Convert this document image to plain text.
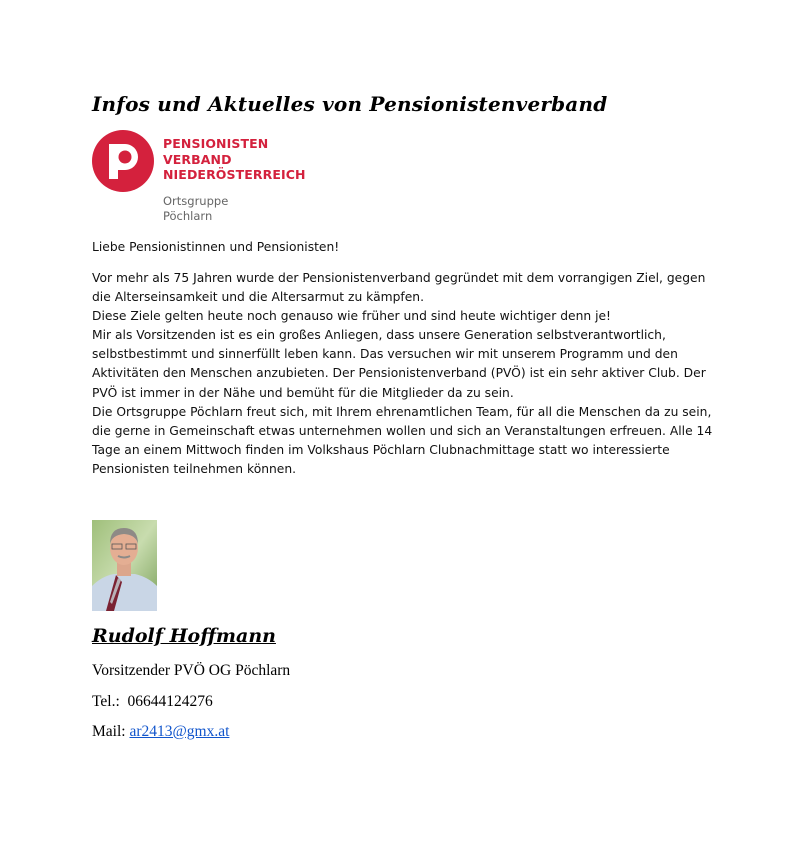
Infos und Aktuelles von Pensionistenverband
PENSIONISTEN
VERBAND
NIEDERÖSTERREICH
Ortsgruppe
Pöchlarn
Liebe Pensionistinnen und Pensionisten!

Vor mehr als 75 Jahren wurde der Pensionistenverband gegründet mit dem vorrangigen Ziel, gegen

die Alterseinsamkeit und die Altersarmut zu kämpfen.

Diese Ziele gelten heute noch genauso wie früher und sind heute wichtiger denn je!

Mir als Vorsitzenden ist es ein großes Anliegen, dass unsere Generation selbstverantwortlich,

selbstbestimmt und sinnerfüllt leben kann. Das versuchen wir mit unserem Programm und den

Aktivitäten den Menschen anzubieten. Der Pensionistenverband (PVÖ) ist ein sehr aktiver Club. Der

PVÖ ist immer in der Nähe und bemüht für die Mitglieder da zu sein.

Die Ortsgruppe Pöchlarn freut sich, mit Ihrem ehrenamtlichen Team, für all die Menschen da zu sein,

die gerne in Gemeinschaft etwas unternehmen wollen und sich an Veranstaltungen erfreuen. Alle 14

Tage an einem Mittwoch finden im Volkshaus Pöchlarn Clubnachmittage statt wo interessierte

Pensionisten teilnehmen können.

Rudolf Hoffmann
Vorsitzender PVÖ OG Pöchlarn
Tel.: 06644124276
Mail: ar2413@gmx.at
